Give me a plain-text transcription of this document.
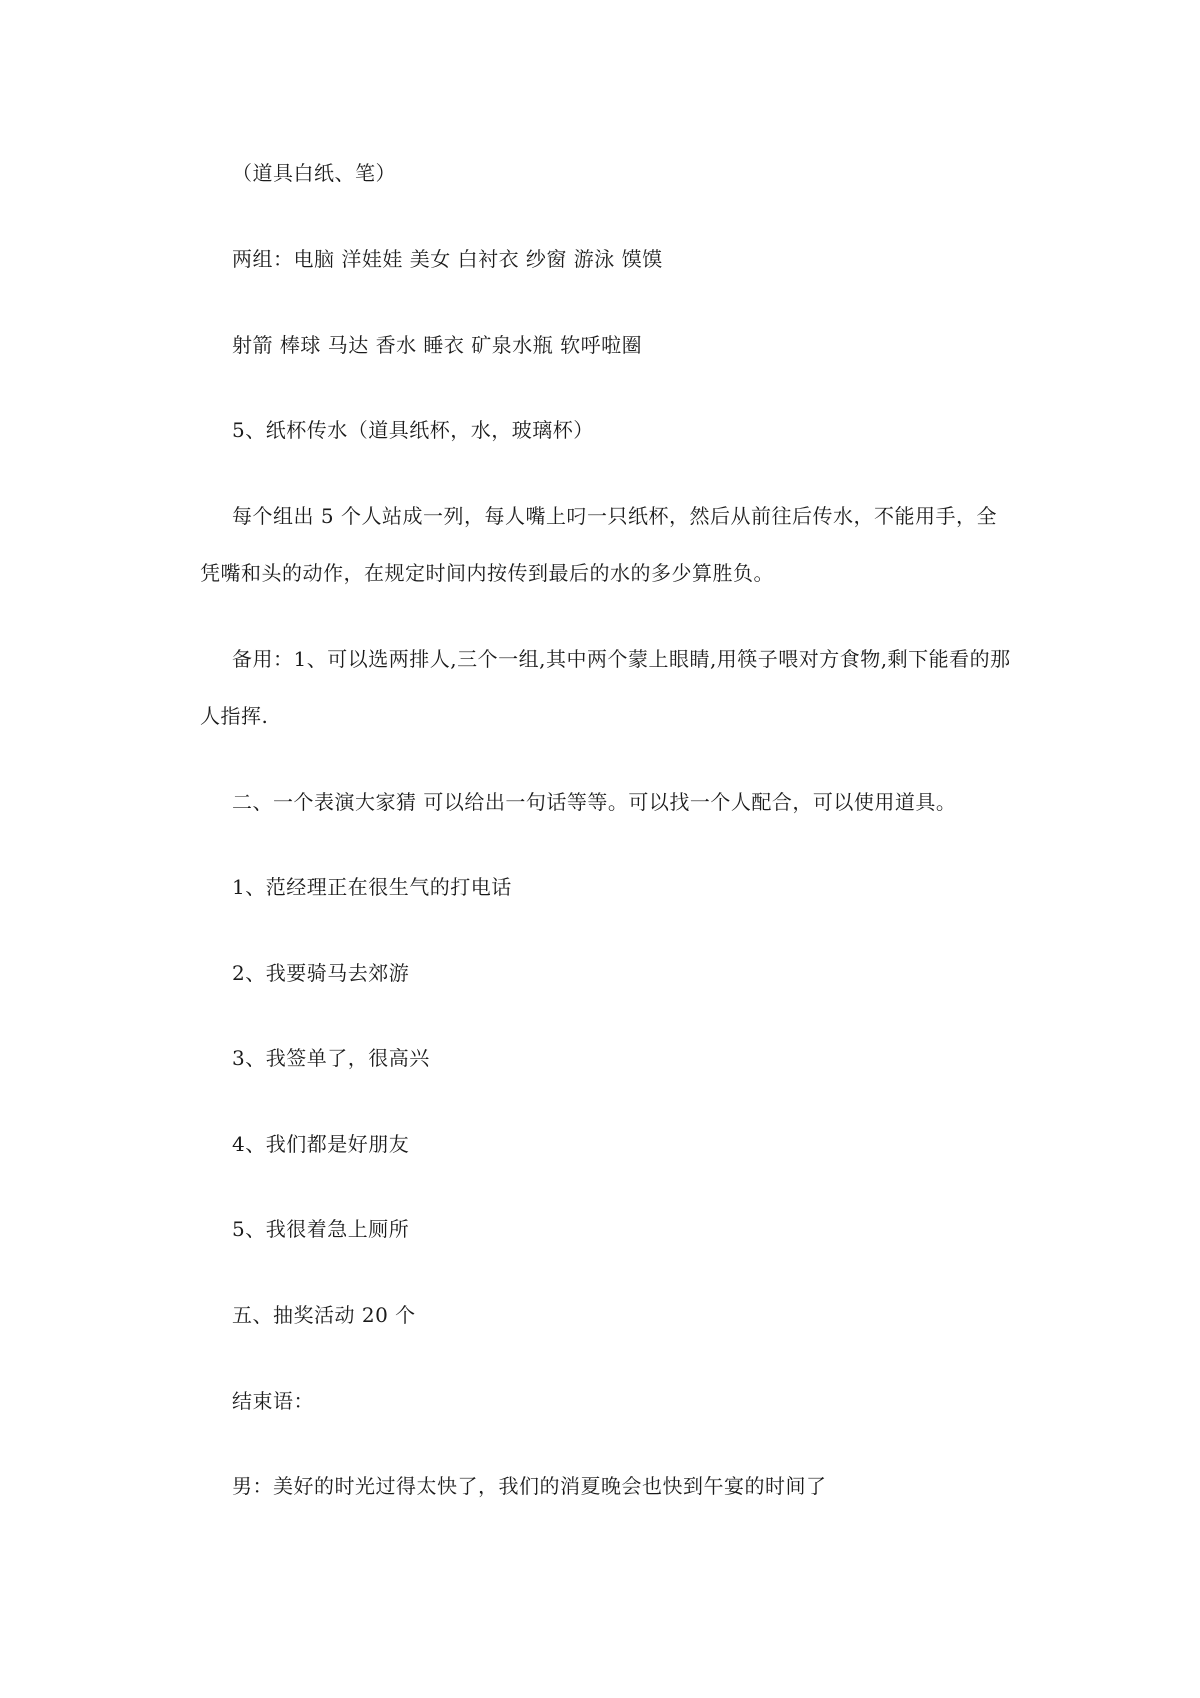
（道具白纸、笔）

两组：电脑 洋娃娃 美女 白衬衣 纱窗 游泳 馍馍

射箭 棒球 马达 香水 睡衣 矿泉水瓶 软呼啦圈

5、纸杯传水（道具纸杯，水，玻璃杯）

每个组出 5 个人站成一列，每人嘴上叼一只纸杯，然后从前往后传水，不能用手，全

凭嘴和头的动作，在规定时间内按传到最后的水的多少算胜负。

备用：1、可以选两排人,三个一组,其中两个蒙上眼睛,用筷子喂对方食物,剩下能看的那

人指挥.

二、一个表演大家猜 可以给出一句话等等。可以找一个人配合，可以使用道具。

1、范经理正在很生气的打电话

2、我要骑马去郊游

3、我签单了，很高兴

4、我们都是好朋友

5、我很着急上厕所

五、抽奖活动 20 个

结束语：

男：美好的时光过得太快了，我们的消夏晚会也快到午宴的时间了
